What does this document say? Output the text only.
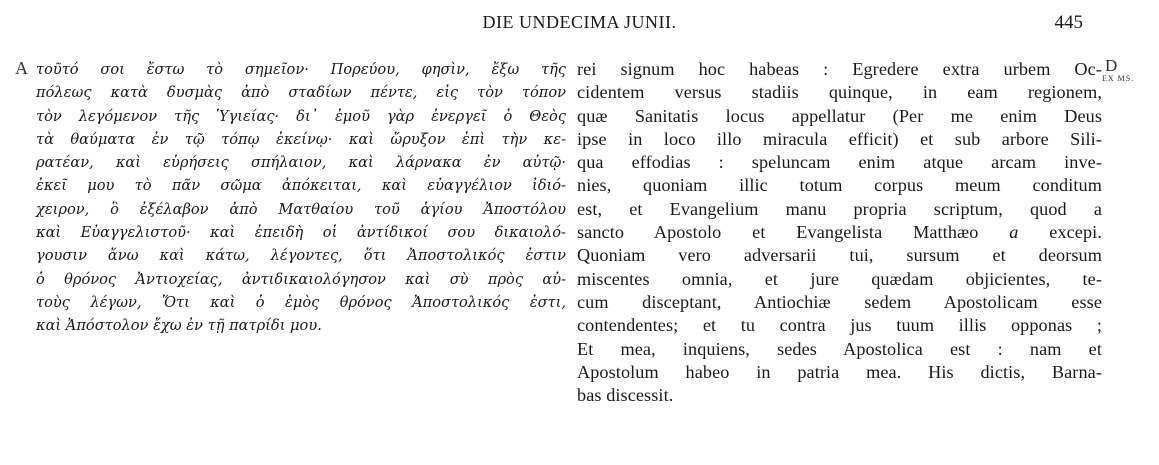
DIE UNDECIMA JUNII.	445
A	D
EX MS.
τοῦτό σοι ἔστω τὸ σημεῖον· Πορεύου, φησὶν, ἔξω τῆς
πόλεως κατὰ δυσμὰς ἀπὸ σταδίων πέντε, εἰς τὸν τόπον
τὸν λεγόμενον τῆς Ὑγιείας· δι᾽ ἐμοῦ γὰρ ἐνεργεῖ ὁ Θεὸς
τὰ θαύματα ἐν τῷ τόπῳ ἐκείνῳ· καὶ ὤρυξον ἐπὶ τὴν κε-
ρατέαν, καὶ εὑρήσεις σπήλαιον, καὶ λάρνακα ἐν αὐτῷ·
ἐκεῖ μου τὸ πᾶν σῶμα ἀπόκειται, καὶ εὐαγγέλιον ἰδιό-
χειρον, ὃ ἐξέλαβον ἀπὸ Ματθαίου τοῦ ἁγίου Ἀποστόλου
καὶ Εὐαγγελιστοῦ· καὶ ἐπειδὴ οἱ ἀντίδικοί σου δικαιολό-
γουσιν ἄνω καὶ κάτω, λέγοντες, ὅτι Ἀποστολικός ἐστιν
ὁ θρόνος Ἀντιοχείας, ἀντιδικαιολόγησον καὶ σὺ πρὸς αὐ-
τοὺς λέγων, Ὅτι καὶ ὁ ἐμὸς θρόνος Ἀποστολικός ἐστι,
καὶ Ἀπόστολον ἔχω ἐν τῇ πατρίδι μου.
rei signum hoc habeas : Egredere extra urbem Oc-
cidentem versus stadiis quinque, in eam regionem,
quæ Sanitatis locus appellatur (Per me enim Deus
ipse in loco illo miracula efficit) et sub arbore Sili-
qua effodias : speluncam enim atque arcam inve-
nies, quoniam illic totum corpus meum conditum
est, et Evangelium manu propria scriptum, quod a
sancto Apostolo et Evangelista Matthæo a excepi.
Quoniam vero adversarii tui, sursum et deorsum
miscentes omnia, et jure quædam objicientes, te-
cum disceptant, Antiochiæ sedem Apostolicam esse
contendentes; et tu contra jus tuum illis opponas ;
Et mea, inquiens, sedes Apostolica est : nam et
Apostolum habeo in patria mea. His dictis, Barna-
bas discessit.
